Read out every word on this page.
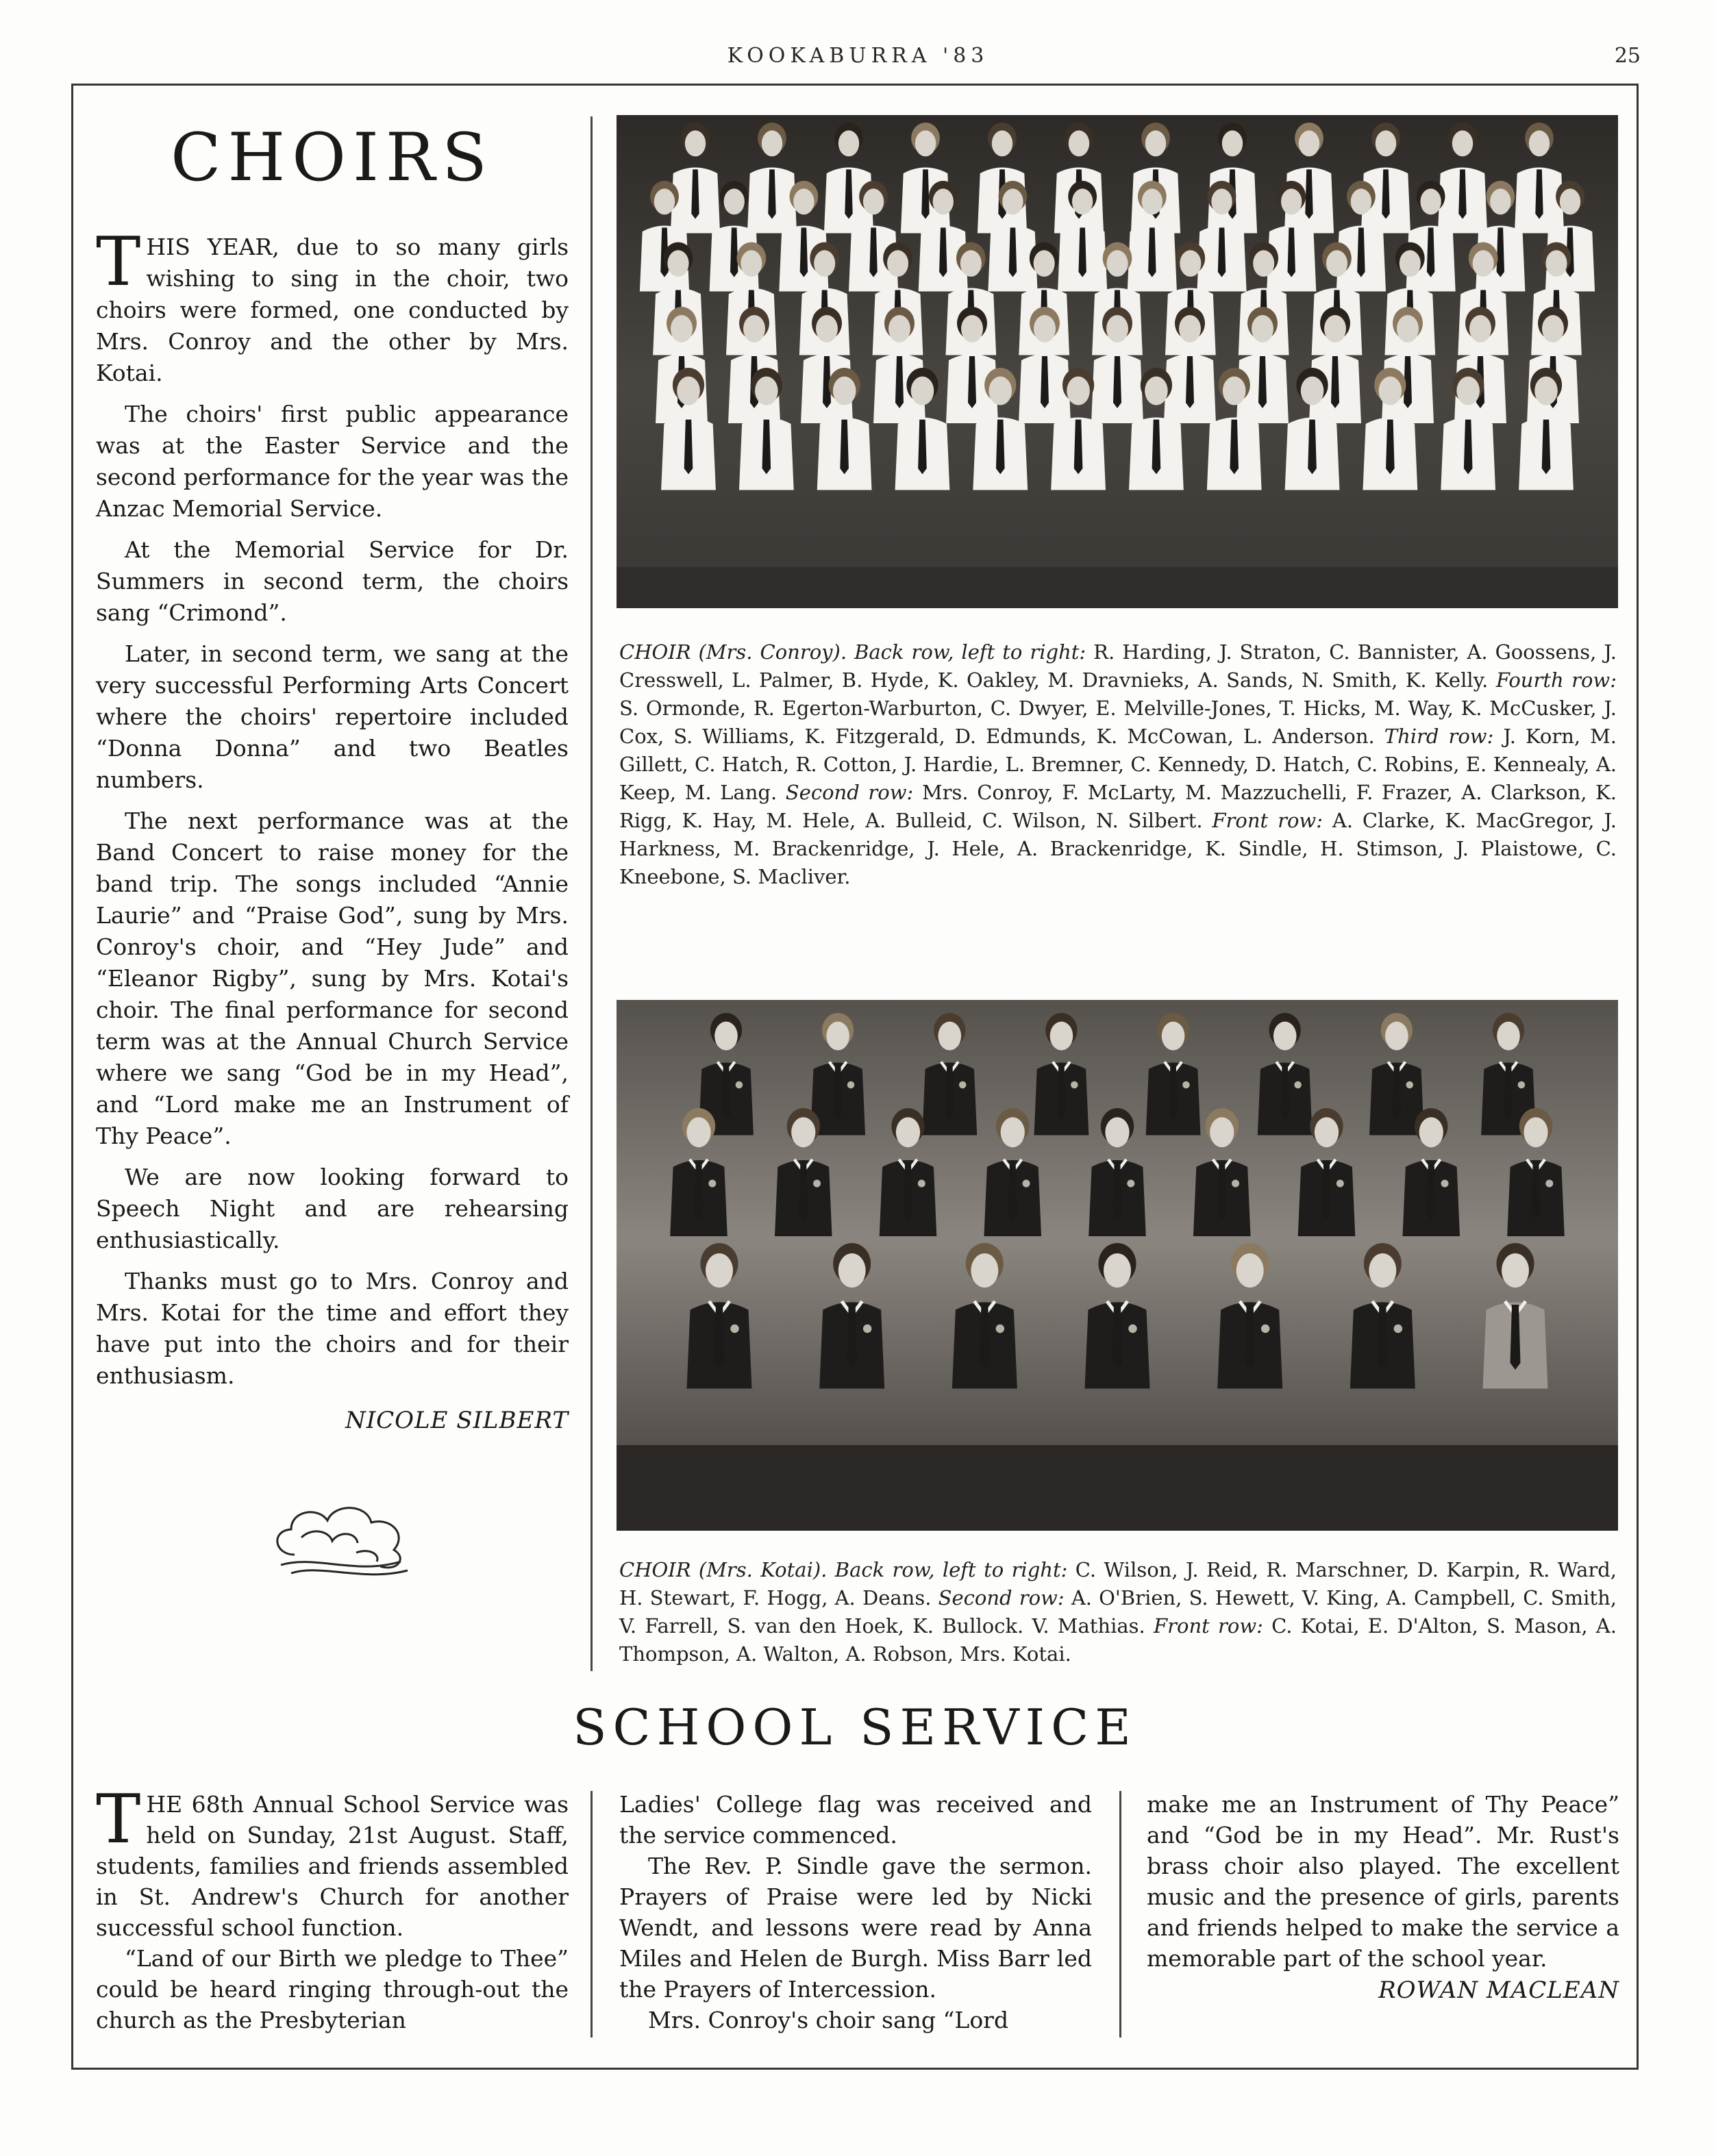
KOOKABURRA '83	25
CHOIRS

THIS YEAR, due to so many girls wishing to sing in the choir, two choirs were formed, one conducted by Mrs. Conroy and the other by Mrs. Kotai.

The choirs' first public appearance was at the Easter Service and the second performance for the year was the Anzac Memorial Service.

At the Memorial Service for Dr. Summers in second term, the choirs sang “Crimond”.

Later, in second term, we sang at the very successful Performing Arts Concert where the choirs' repertoire included “Donna Donna” and two Beatles numbers.

The next performance was at the Band Concert to raise money for the band trip. The songs included “Annie Laurie” and “Praise God”, sung by Mrs. Conroy's choir, and “Hey Jude” and “Eleanor Rigby”, sung by Mrs. Kotai's choir. The final performance for second term was at the Annual Church Service where we sang “God be in my Head”, and “Lord make me an Instrument of Thy Peace”.

We are now looking forward to Speech Night and are rehearsing enthusiastically.

Thanks must go to Mrs. Conroy and Mrs. Kotai for the time and effort they have put into the choirs and for their enthusiasm.

NICOLE SILBERT
CHOIR (Mrs. Conroy). Back row, left to right: R. Harding, J. Straton, C. Bannister, A. Goossens, J. Cresswell, L. Palmer, B. Hyde, K. Oakley, M. Dravnieks, A. Sands, N. Smith, K. Kelly. Fourth row: S. Ormonde, R. Egerton-Warburton, C. Dwyer, E. Melville-Jones, T. Hicks, M. Way, K. McCusker, J. Cox, S. Williams, K. Fitzgerald, D. Edmunds, K. McCowan, L. Anderson. Third row: J. Korn, M. Gillett, C. Hatch, R. Cotton, J. Hardie, L. Bremner, C. Kennedy, D. Hatch, C. Robins, E. Kennealy, A. Keep, M. Lang. Second row: Mrs. Conroy, F. McLarty, M. Mazzuchelli, F. Frazer, A. Clarkson, K. Rigg, K. Hay, M. Hele, A. Bulleid, C. Wilson, N. Silbert. Front row: A. Clarke, K. MacGregor, J. Harkness, M. Brackenridge, J. Hele, A. Brackenridge, K. Sindle, H. Stimson, J. Plaistowe, C. Kneebone, S. Macliver.
CHOIR (Mrs. Kotai). Back row, left to right: C. Wilson, J. Reid, R. Marschner, D. Karpin, R. Ward, H. Stewart, F. Hogg, A. Deans. Second row: A. O'Brien, S. Hewett, V. King, A. Campbell, C. Smith, V. Farrell, S. van den Hoek, K. Bullock. V. Mathias. Front row: C. Kotai, E. D'Alton, S. Mason, A. Thompson, A. Walton, A. Robson, Mrs. Kotai.
SCHOOL SERVICE

THE 68th Annual School Service was held on Sunday, 21st August. Staff, students, families and friends assembled in St. Andrew's Church for another successful school function.

“Land of our Birth we pledge to Thee” could be heard ringing through-out the church as the Presbyterian

Ladies' College flag was received and the service commenced.

The Rev. P. Sindle gave the sermon. Prayers of Praise were led by Nicki Wendt, and lessons were read by Anna Miles and Helen de Burgh. Miss Barr led the Prayers of Intercession.

Mrs. Conroy's choir sang “Lord

make me an Instrument of Thy Peace” and “God be in my Head”. Mr. Rust's brass choir also played. The excellent music and the presence of girls, parents and friends helped to make the service a memorable part of the school year.

ROWAN MACLEAN
